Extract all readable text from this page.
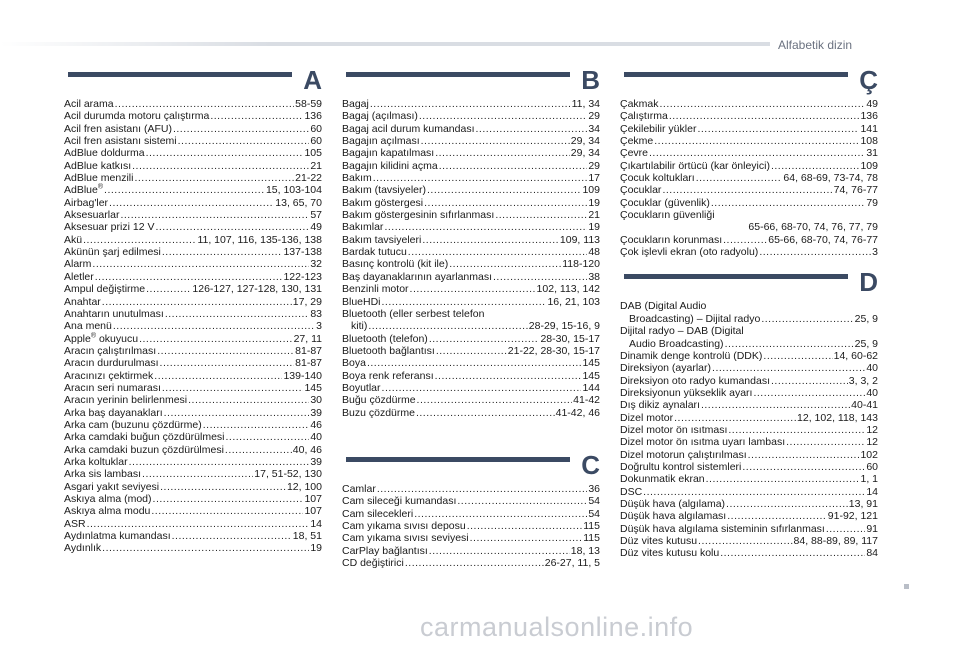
Alfabetik dizin
A
Acil arama .....	58-59
Acil durumda motoru çalıştırma .....	136
Acil fren asistanı (AFU) .....	60
Acil fren asistanı sistemi .....	60
AdBlue doldurma .....	105
AdBlue katkısı .....	21
AdBlue menzili .....	21-22
AdBlue® .....	15, 103-104
Airbag'ler .....	13, 65, 70
Aksesuarlar .....	57
Aksesuar prizi 12 V .....	49
Akü .....	11, 107, 116, 135-136, 138
Akünün şarj edilmesi .....	137-138
Alarm .....	32
Aletler .....	122-123
Ampul değiştirme .....	126-127, 127-128, 130, 131
Anahtar .....	17, 29
Anahtarın unutulması .....	83
Ana menü .....	3
Apple® okuyucu .....	27, 11
Aracın çalıştırılması .....	81-87
Aracın durdurulması .....	81-87
Aracınızı çektirmek .....	139-140
Aracın seri numarası .....	145
Aracın yerinin belirlenmesi .....	30
Arka baş dayanakları .....	39
Arka cam (buzunu çözdürme) .....	46
Arka camdaki buğun çözdürülmesi .....	40
Arka camdaki buzun çözdürülmesi .....	40, 46
Arka koltuklar .....	39
Arka sis lambası .....	17, 51-52, 130
Asgari yakıt seviyesi .....	12, 100
Askıya alma (mod) .....	107
Askıya alma modu .....	107
ASR .....	14
Aydınlatma kumandası .....	18, 51
Aydınlık .....	19
B
Bagaj .....	11, 34
Bagaj (açılması) .....	29
Bagaj acil durum kumandası .....	34
Bagajın açılması .....	29, 34
Bagajın kapatılması .....	29, 34
Bagajın kilidini açma .....	29
Bakım .....	17
Bakım (tavsiyeler) .....	109
Bakım göstergesi .....	19
Bakım göstergesinin sıfırlanması .....	21
Bakımlar .....	19
Bakım tavsiyeleri .....	109, 113
Bardak tutucu .....	48
Basınç kontrolü (kit ile) .....	118-120
Baş dayanaklarının ayarlanması .....	38
Benzinli motor .....	102, 113, 142
BlueHDi .....	16, 21, 103
Bluetooth (eller serbest telefon
kiti) .....	28-29, 15-16, 9
Bluetooth (telefon) .....	28-30, 15-17
Bluetooth bağlantısı .....	21-22, 28-30, 15-17
Boya .....	145
Boya renk referansı .....	145
Boyutlar .....	144
Buğu çözdürme .....	41-42
Buzu çözdürme .....	41-42, 46
C
Camlar .....	36
Cam sileceği kumandası .....	54
Cam silecekleri .....	54
Cam yıkama sıvısı deposu .....	115
Cam yıkama sıvısı seviyesi .....	115
CarPlay bağlantısı .....	18, 13
CD değiştirici .....	26-27, 11, 5
Ç
Çakmak .....	49
Çalıştırma .....	136
Çekilebilir yükler .....	141
Çekme .....	108
Çevre .....	31
Çıkartılabilir örtücü (kar önleyici) .....	109
Çocuk koltukları .....	64, 68-69, 73-74, 78
Çocuklar .....	74, 76-77
Çocuklar (güvenlik) .....	79
Çocukların güvenliği
65-66, 68-70, 74, 76, 77, 79
Çocukların korunması .....	65-66, 68-70, 74, 76-77
Çok işlevli ekran (oto radyolu) .....	3
D
DAB (Digital Audio
Broadcasting) – Dijital radyo .....	25, 9
Dijital radyo – DAB (Digital
Audio Broadcasting) .....	25, 9
Dinamik denge kontrolü (DDK) .....	14, 60-62
Direksiyon (ayarlar) .....	40
Direksiyon oto radyo kumandası .....	3, 3, 2
Direksiyonun yükseklik ayarı .....	40
Dış dikiz aynaları .....	40-41
Dizel motor .....	12, 102, 118, 143
Dizel motor ön ısıtması .....	12
Dizel motor ön ısıtma uyarı lambası .....	12
Dizel motorun çalıştırılması .....	102
Doğrultu kontrol sistemleri .....	60
Dokunmatik ekran .....	1, 1
DSC .....	14
Düşük hava (algılama) .....	13, 91
Düşük hava algılaması .....	91-92, 121
Düşük hava algılama sisteminin sıfırlanması .....	91
Düz vites kutusu .....	84, 88-89, 89, 117
Düz vites kutusu kolu .....	84
carmanualsonline.info
